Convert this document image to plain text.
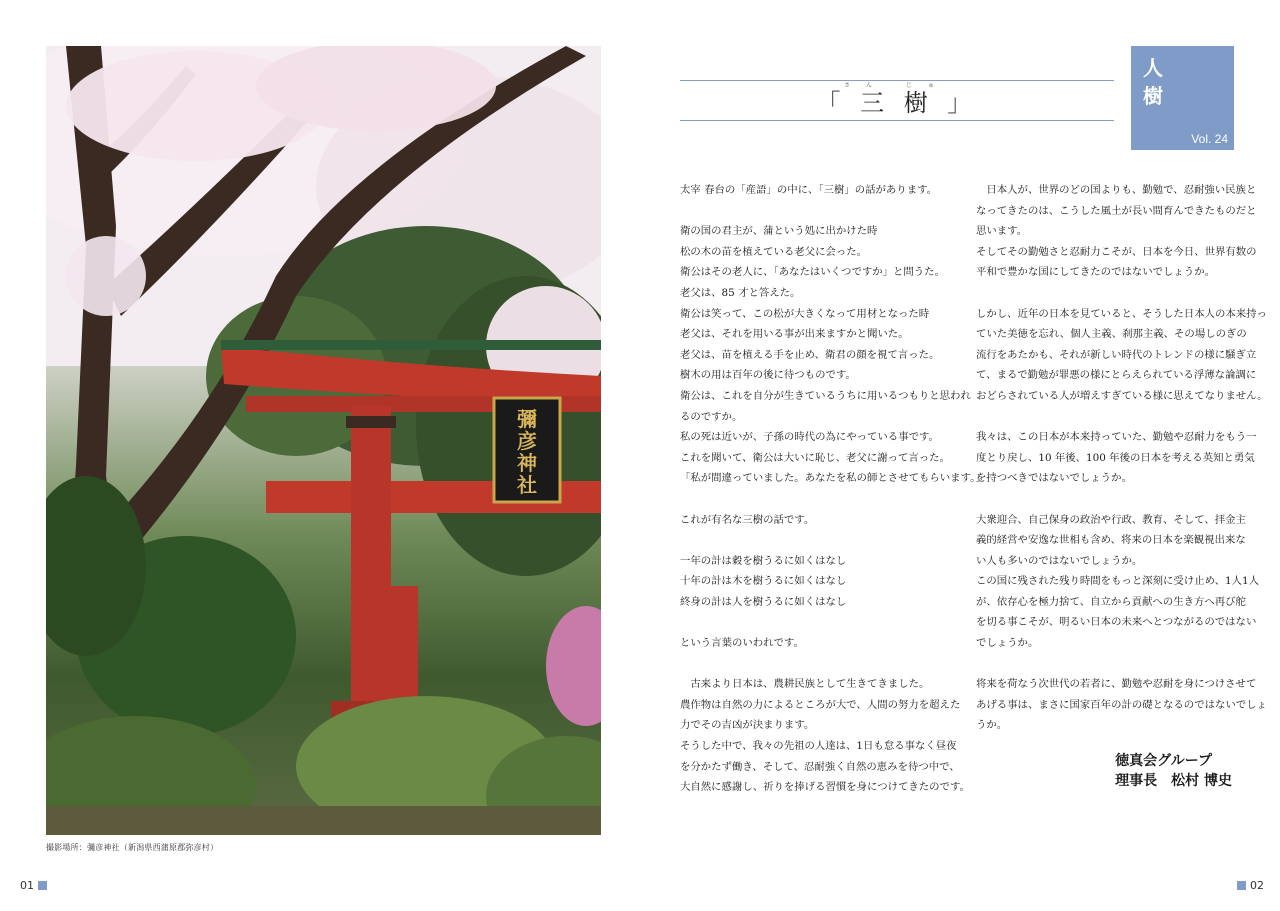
彌彦神社
撮影場所：彌彦神社（新潟県西蒲原郡弥彦村）
01
さん じゅ
「 三 樹 」
人
樹
Vol. 24
太宰 春台の「産語」の中に、「三樹」の話があります。
衛の国の君主が、蒲という処に出かけた時
松の木の苗を植えている老父に会った。
衛公はその老人に、「あなたはいくつですか」と問うた。
老父は、85 才と答えた。
衛公は笑って、この松が大きくなって用材となった時
老父は、それを用いる事が出来ますかと聞いた。
老父は、苗を植える手を止め、衛君の顔を視て言った。
樹木の用は百年の後に待つものです。
衛公は、これを自分が生きているうちに用いるつもりと思われ
るのですか。
私の死は近いが、子孫の時代の為にやっている事です。
これを聞いて、衛公は大いに恥じ、老父に謝って言った。
「私が間違っていました。あなたを私の師とさせてもらいます。」
これが有名な三樹の話です。
一年の計は穀を樹うるに如くはなし
十年の計は木を樹うるに如くはなし
終身の計は人を樹うるに如くはなし
という言葉のいわれです。
　古来より日本は、農耕民族として生きてきました。
農作物は自然の力によるところが大で、人間の努力を超えた
力でその吉凶が決まります。
そうした中で、我々の先祖の人達は、1日も怠る事なく昼夜
を分かたず働き、そして、忍耐強く自然の恵みを待つ中で、
大自然に感謝し、祈りを捧げる習慣を身につけてきたのです。
　日本人が、世界のどの国よりも、勤勉で、忍耐強い民族と
なってきたのは、こうした風土が長い間育んできたものだと
思います。
そしてその勤勉さと忍耐力こそが、日本を今日、世界有数の
平和で豊かな国にしてきたのではないでしょうか。
しかし、近年の日本を見ていると、そうした日本人の本来持っ
ていた美徳を忘れ、個人主義、刹那主義、その場しのぎの
流行をあたかも、それが新しい時代のトレンドの様に騒ぎ立
て、まるで勤勉が罪悪の様にとらえられている浮薄な論調に
おどらされている人が増えすぎている様に思えてなりません。
我々は、この日本が本来持っていた、勤勉や忍耐力をもう一
度とり戻し、10 年後、100 年後の日本を考える英知と勇気
を持つべきではないでしょうか。
大衆迎合、自己保身の政治や行政、教育、そして、拝金主
義的経営や安逸な世相も含め、将来の日本を楽観視出来な
い人も多いのではないでしょうか。
この国に残された残り時間をもっと深刻に受け止め、1人1人
が、依存心を極力捨て、自立から貢献への生き方へ再び舵
を切る事こそが、明るい日本の未来へとつながるのではない
でしょうか。
将来を荷なう次世代の若者に、勤勉や忍耐を身につけさせて
あげる事は、まさに国家百年の計の礎となるのではないでしょ
うか。
徳真会グループ
理事長　松村 博史
02
